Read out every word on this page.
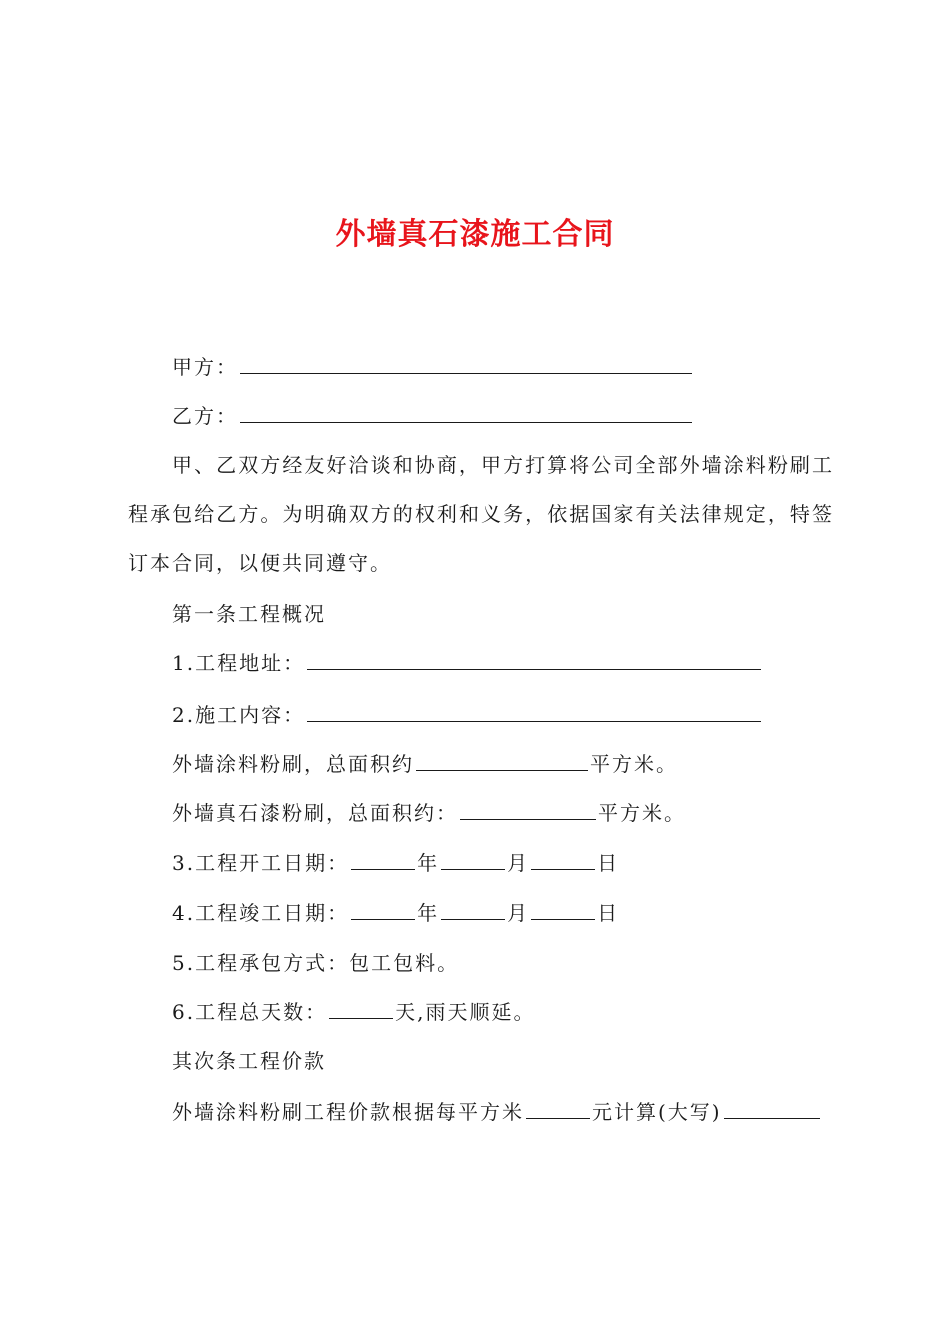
外墙真石漆施工合同
甲方：
乙方：
甲、乙双方经友好洽谈和协商，甲方打算将公司全部外墙涂料粉刷工程承包给乙方。为明确双方的权利和义务，依据国家有关法律规定，特签订本合同，以便共同遵守。
第一条工程概况
1.工程地址：
2.施工内容：
外墙涂料粉刷，总面积约	平方米。
外墙真石漆粉刷，总面积约：	平方米。
3.工程开工日期：	年	月	日
4.工程竣工日期：	年	月	日
5.工程承包方式：包工包料。
6.工程总天数：	天,雨天顺延。
其次条工程价款
外墙涂料粉刷工程价款根据每平方米	元计算(大写)
